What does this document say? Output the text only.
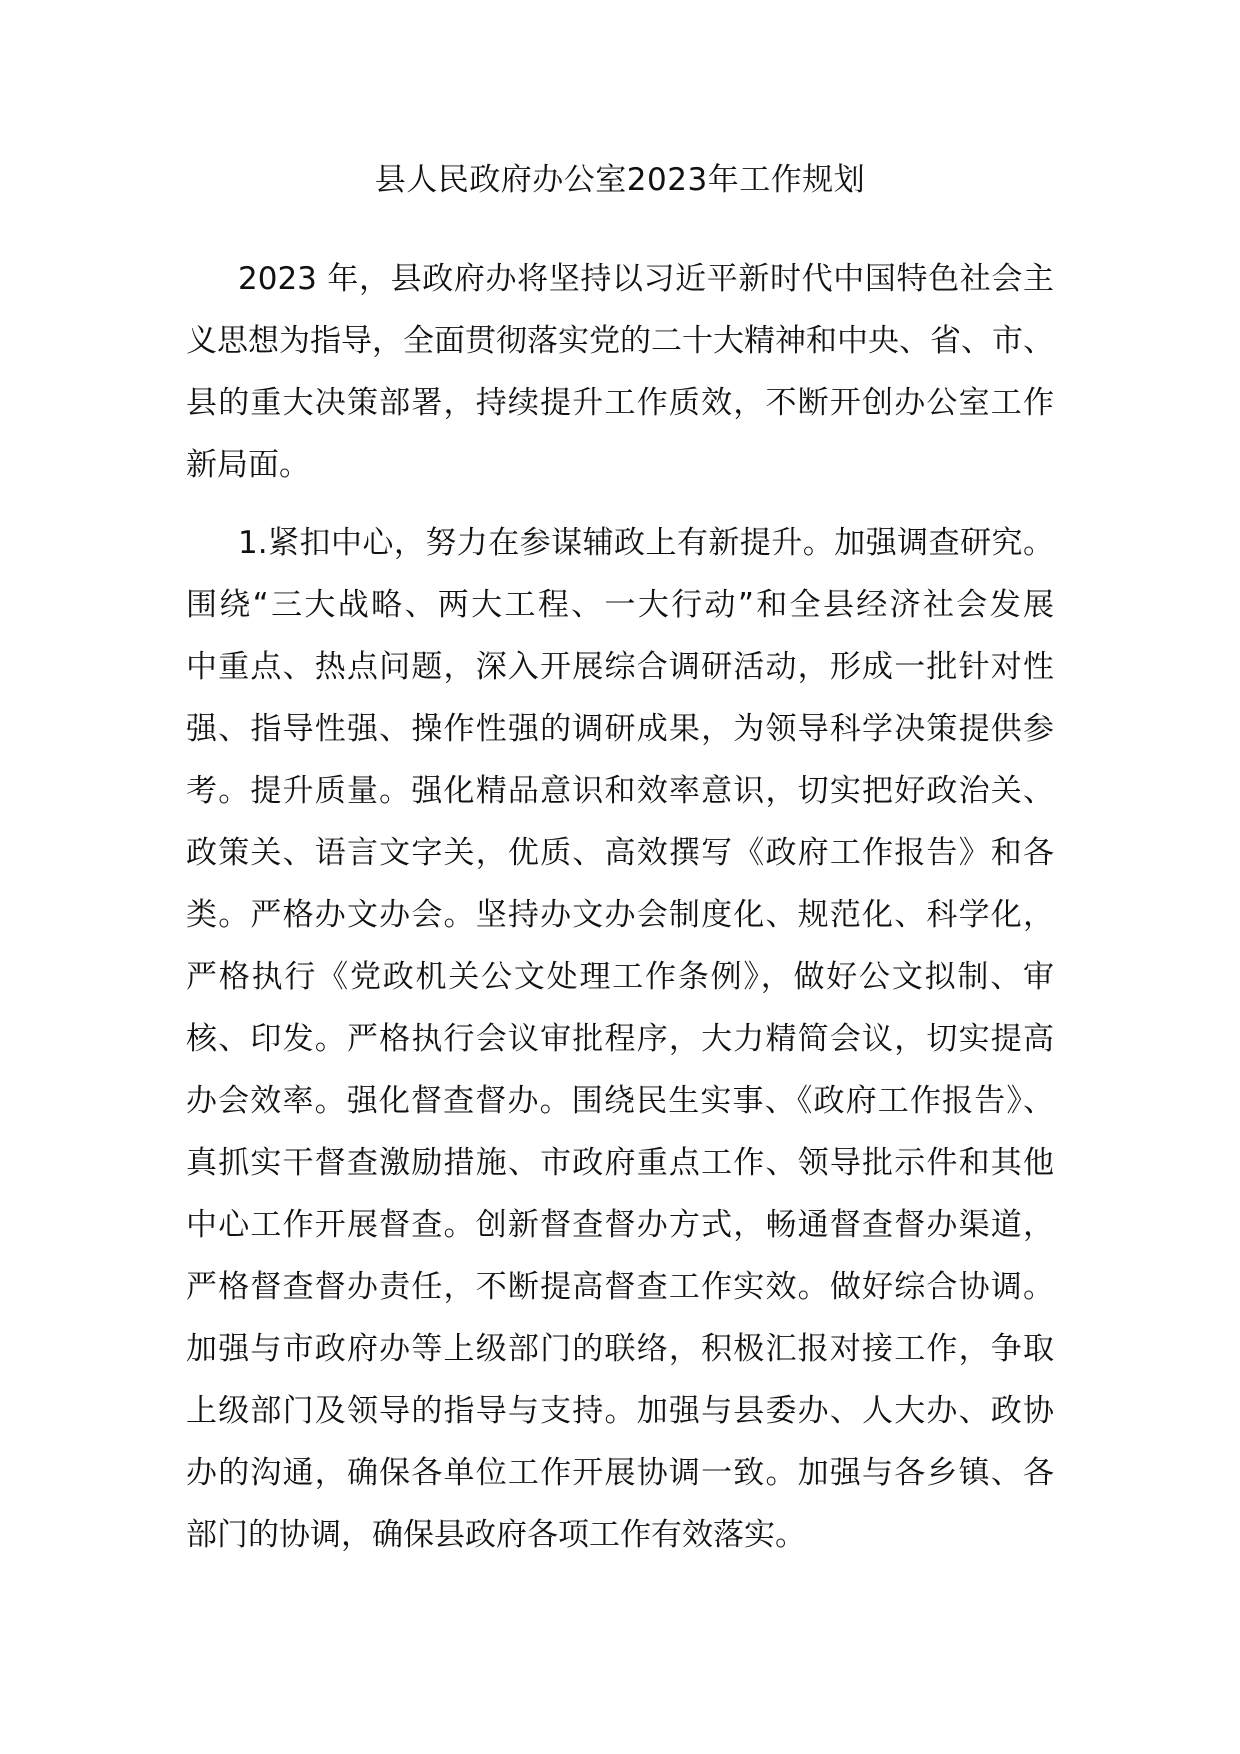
县人民政府办公室2023年工作规划
2023 年，县政府办将坚持以习近平新时代中国特色社会主
义思想为指导，全面贯彻落实党的二十大精神和中央、省、市、
县的重大决策部署，持续提升工作质效，不断开创办公室工作
新局面。
1.紧扣中心，努力在参谋辅政上有新提升。加强调查研究。
围绕“三大战略、两大工程、一大行动”和全县经济社会发展
中重点、热点问题，深入开展综合调研活动，形成一批针对性
强、指导性强、操作性强的调研成果，为领导科学决策提供参
考。提升质量。强化精品意识和效率意识，切实把好政治关、
政策关、语言文字关，优质、高效撰写《政府工作报告》和各
类。严格办文办会。坚持办文办会制度化、规范化、科学化，
严格执行《党政机关公文处理工作条例》，做好公文拟制、审
核、印发。严格执行会议审批程序，大力精简会议，切实提高
办会效率。强化督查督办。围绕民生实事、《政府工作报告》、
真抓实干督查激励措施、市政府重点工作、领导批示件和其他
中心工作开展督查。创新督查督办方式，畅通督查督办渠道，
严格督查督办责任，不断提高督查工作实效。做好综合协调。
加强与市政府办等上级部门的联络，积极汇报对接工作，争取
上级部门及领导的指导与支持。加强与县委办、人大办、政协
办的沟通，确保各单位工作开展协调一致。加强与各乡镇、各
部门的协调，确保县政府各项工作有效落实。
